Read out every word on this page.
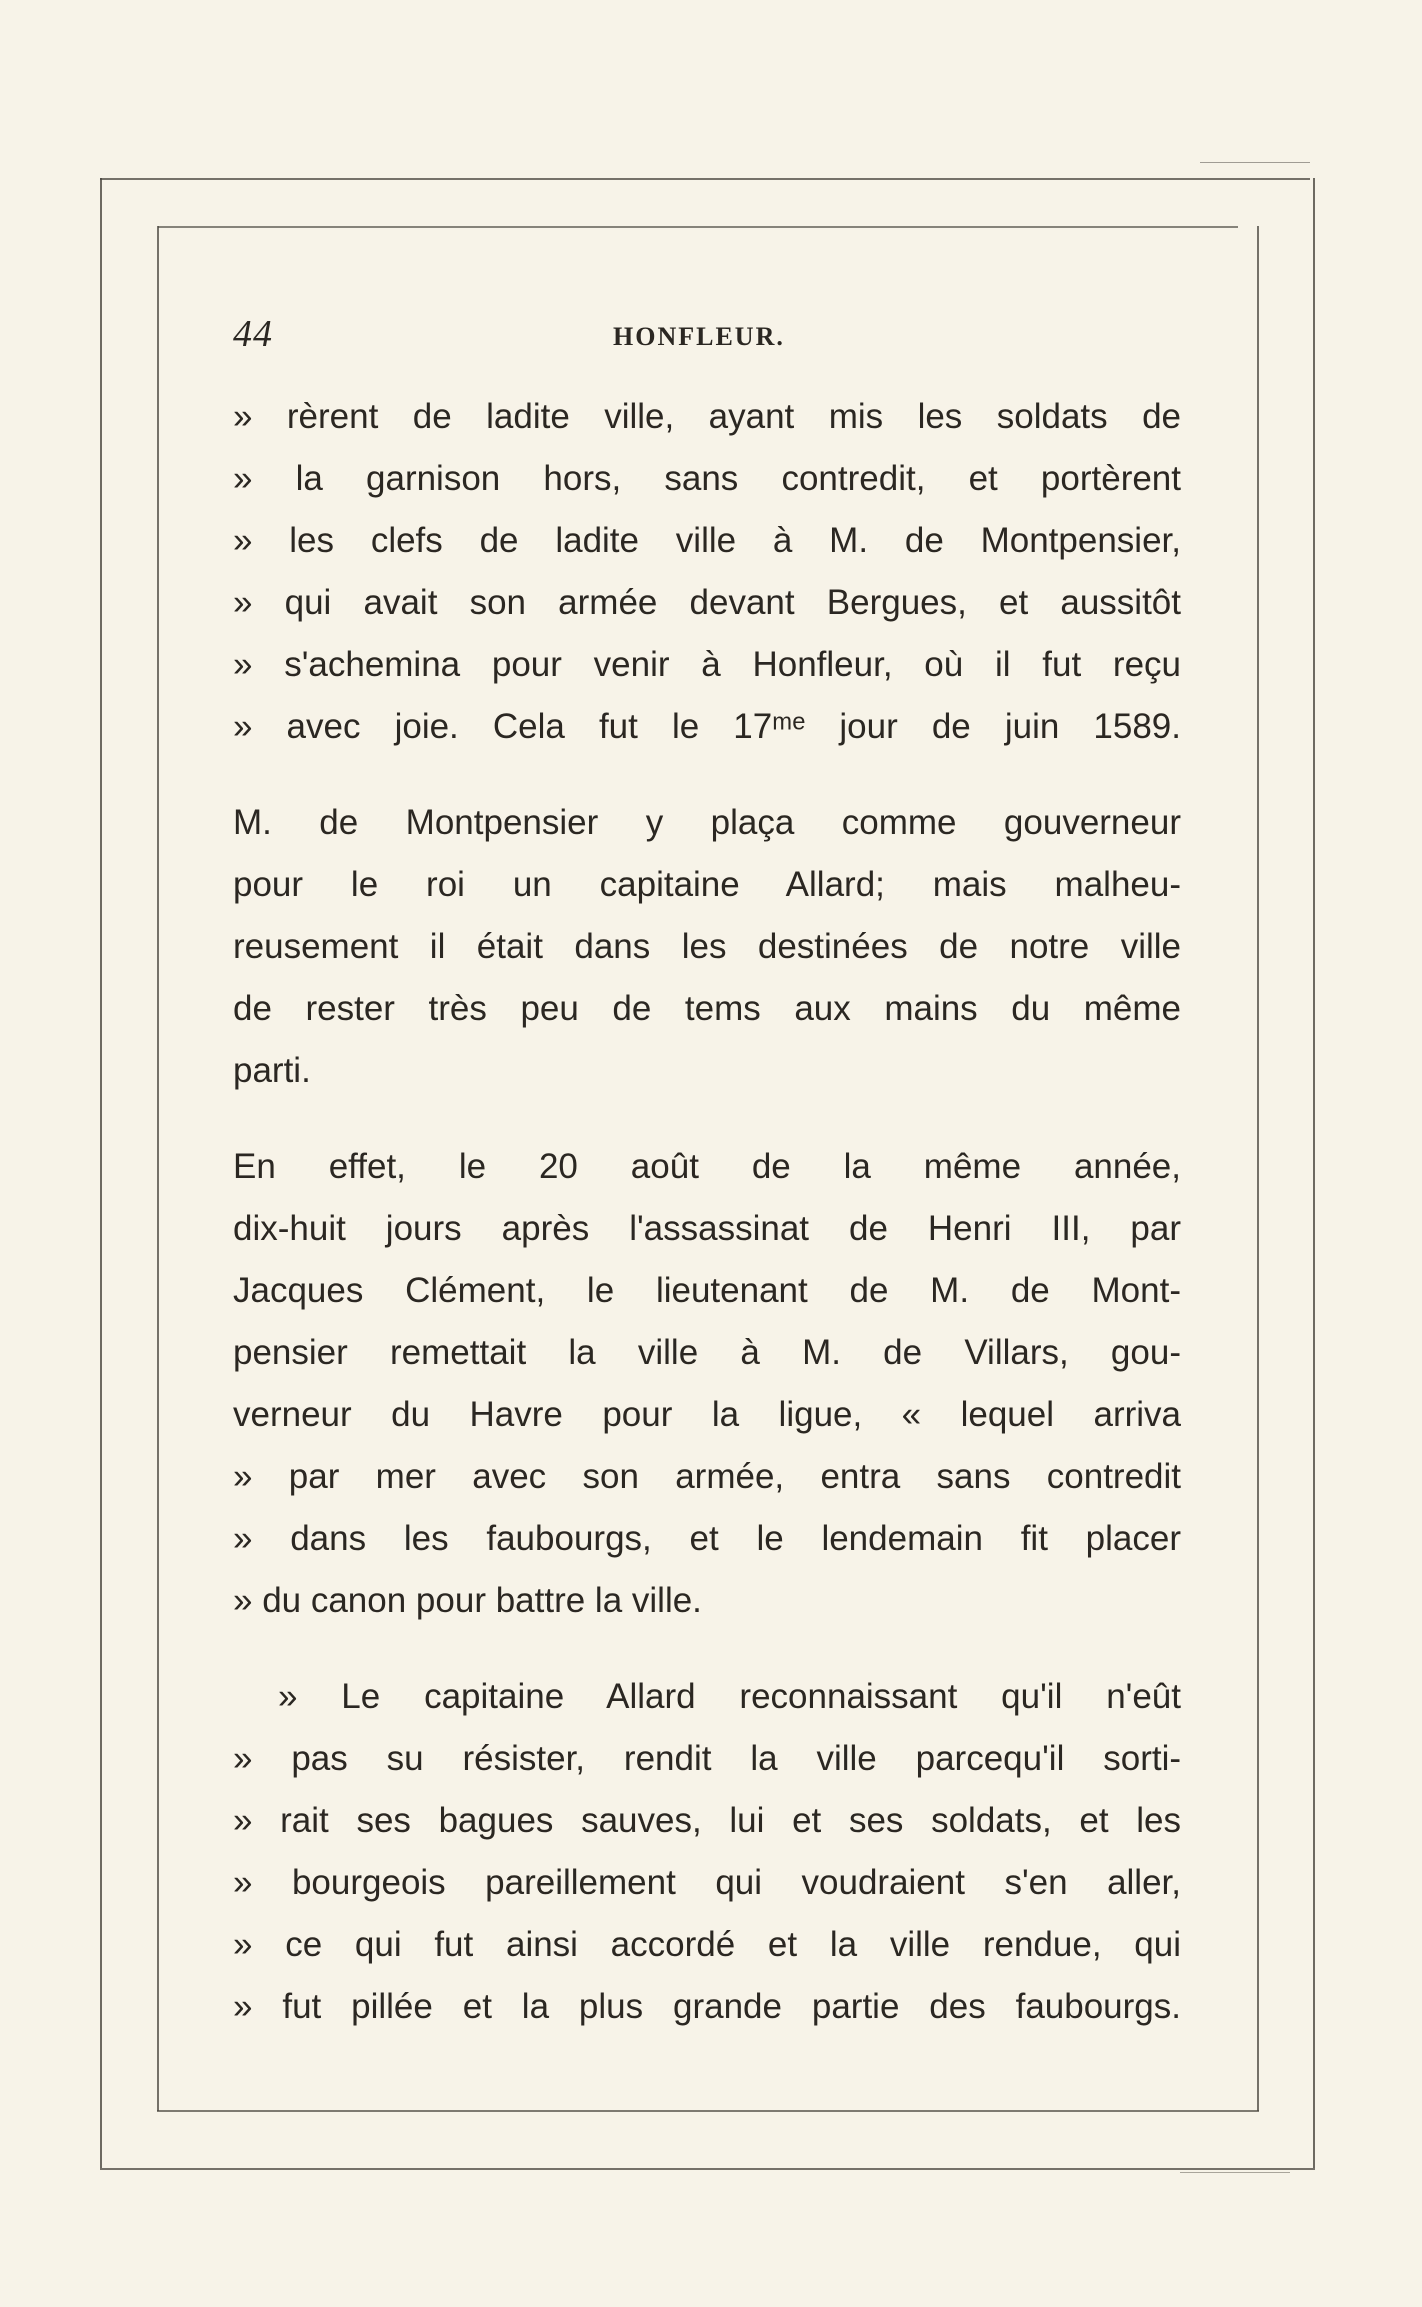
44	HONFLEUR.
» rèrent de ladite ville, ayant mis les soldats de
» la garnison hors, sans contredit, et portèrent
» les clefs de ladite ville à M. de Montpensier,
» qui avait son armée devant Bergues, et aussitôt
» s'achemina pour venir à Honfleur, où il fut reçu
» avec joie. Cela fut le 17ᵐᵉ jour de juin 1589.
M. de Montpensier y plaça comme gouverneur
pour le roi un capitaine Allard; mais malheu-
reusement il était dans les destinées de notre ville
de rester très peu de tems aux mains du même
parti.
En effet, le 20 août de la même année,
dix-huit jours après l'assassinat de Henri III, par
Jacques Clément, le lieutenant de M. de Mont-
pensier remettait la ville à M. de Villars, gou-
verneur du Havre pour la ligue, « lequel arriva
» par mer avec son armée, entra sans contredit
» dans les faubourgs, et le lendemain fit placer
» du canon pour battre la ville.
» Le capitaine Allard reconnaissant qu'il n'eût
» pas su résister, rendit la ville parcequ'il sorti-
» rait ses bagues sauves, lui et ses soldats, et les
» bourgeois pareillement qui voudraient s'en aller,
» ce qui fut ainsi accordé et la ville rendue, qui
» fut pillée et la plus grande partie des faubourgs.
